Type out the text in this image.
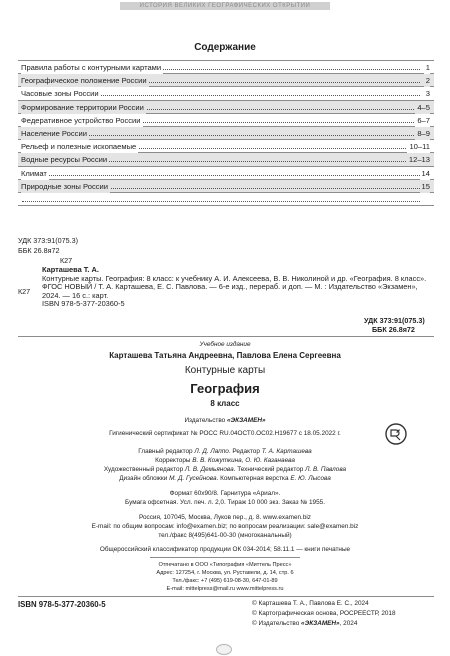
ИСТОРИЯ ВЕЛИКИХ ГЕОГРАФИЧЕСКИХ ОТКРЫТИЙ
Содержание
Правила работы с контурными картами	1
Географическое положение России	2
Часовые зоны России	3
Формирование территории России	4–5
Федеративное устройство России	6–7
Население России	8–9
Рельеф и полезные ископаемые	10–11
Водные ресурсы России	12–13
Климат	14
Природные зоны России	15
УДК 373:91(075.3)
ББК 26.8я72
К27
К27

Карташева Т. А.

Контурные карты. География: 8 класс: к учебнику А. И. Алексеева, В. В. Николиной и др. «География. 8 класс». ФГОС НОВЫЙ / Т. А. Карташева, Е. С. Павлова. — 6-е изд., перераб. и доп. — М. : Издательство «Экзамен», 2024. — 16 с.: карт.

ISBN 978-5-377-20360-5

УДК 373:91(075.3)
ББК 26.8я72
Учебное издание
Карташева Татьяна Андреевна, Павлова Елена Сергеевна
Контурные карты
География
8 класс
Издательство «ЭКЗАМЕН»
Гигиенический сертификат № РОСС RU.04ОСТ0.ОС02.Н19677 с 18.05.2022 г.
Главный редактор Л. Д. Лаппо. Редактор Т. А. Карташева
Корректоры В. В. Кожуткина, О. Ю. Казанаева
Художественный редактор Л. В. Демьянова. Технический редактор Л. В. Павлова
Дизайн обложки М. Д. Гусейнова. Компьютерная верстка Е. Ю. Лысова
Формат 60х90/8. Гарнитура «Ариал».
Бумага офсетная. Усл. печ. л. 2,0. Тираж 10 000 экз. Заказ № 1955.
Россия, 107045, Москва, Луков пер., д. 8. www.examen.biz
E-mail: по общим вопросам: info@examen.biz; по вопросам реализации: sale@examen.biz
тел./факс 8(495)641-00-30 (многоканальный)
Общероссийский классификатор продукции ОК 034-2014; 58.11.1 — книги печатные
Отпечатано в ООО «Типография «Миттель Пресс»
Адрес: 127254, г. Москва, ул. Руставели, д. 14, стр. 6
Тел./факс: +7 (495) 619-08-30, 647-01-89
E-mail: mittelpress@mail.ru www.mittelpress.ru
ISBN 978-5-377-20360-5	© Карташева Т. А., Павлова Е. С., 2024
© Картографическая основа, РОСРЕЕСТР, 2018
© Издательство «ЭКЗАМЕН», 2024
